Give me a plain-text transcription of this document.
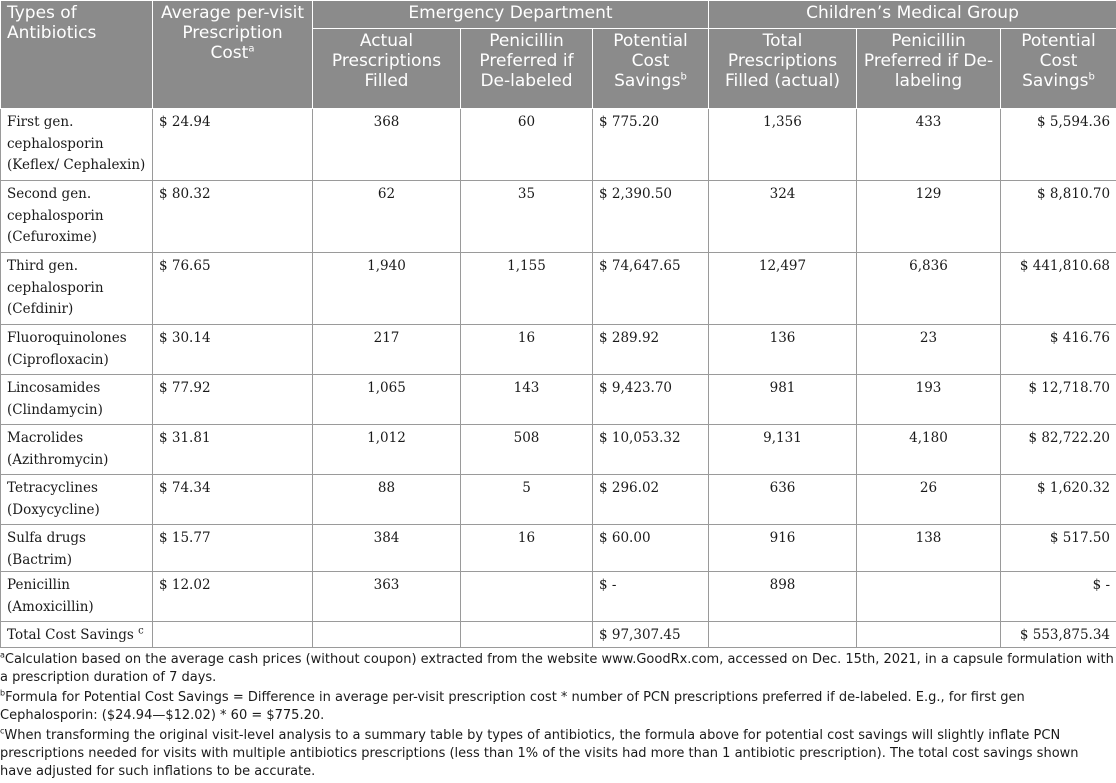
Types of Antibiotics	Average per-visit Prescription Cost$^a$	Emergency Department			Children’s Medical Group		
		Actual Prescriptions Filled	Penicillin Preferred if De-labeled	Potential Cost Savings$^b$	Total Prescriptions Filled (actual)	Penicillin Preferred if De-labeling	Potential Cost Savings$^b$
First gen. cephalosporin (Keflex/ Cephalexin)	$ 24.94	368	60	$ 775.20	1,356	433	$ 5,594.36
Second gen. cephalosporin (Cefuroxime)	$ 80.32	62	35	$ 2,390.50	324	129	$ 8,810.70
Third gen. cephalosporin (Cefdinir)	$ 76.65	1,940	1,155	$ 74,647.65	12,497	6,836	$ 441,810.68
Fluoroquinolones (Ciprofloxacin)	$ 30.14	217	16	$ 289.92	136	23	$ 416.76
Lincosamides (Clindamycin)	$ 77.92	1,065	143	$ 9,423.70	981	193	$ 12,718.70
Macrolides (Azithromycin)	$ 31.81	1,012	508	$ 10,053.32	9,131	4,180	$ 82,722.20
Tetracyclines (Doxycycline)	$ 74.34	88	5	$ 296.02	636	26	$ 1,620.32
Sulfa drugs (Bactrim)	$ 15.77	384	16	$ 60.00	916	138	$ 517.50
Penicillin (Amoxicillin)	$ 12.02	363		$ -	898		$ -
Total Cost Savings $^c$				$ 97,307.45			$ 553,875.34

$^a$Calculation based on the average cash prices (without coupon) extracted from the website www.GoodRx.com, accessed on Dec. 15th, 2021, in a capsule formulation with a prescription duration of 7 days.

$^b$Formula for Potential Cost Savings = Difference in average per-visit prescription cost * number of PCN prescriptions preferred if de-labeled. E.g., for first gen Cephalosporin: ($24.94—$12.02) * 60 = $775.20.

$^c$When transforming the original visit-level analysis to a summary table by types of antibiotics, the formula above for potential cost savings will slightly inflate PCN prescriptions needed for visits with multiple antibiotics prescriptions (less than 1% of the visits had more than 1 antibiotic prescription). The total cost savings shown have adjusted for such inflations to be accurate.
